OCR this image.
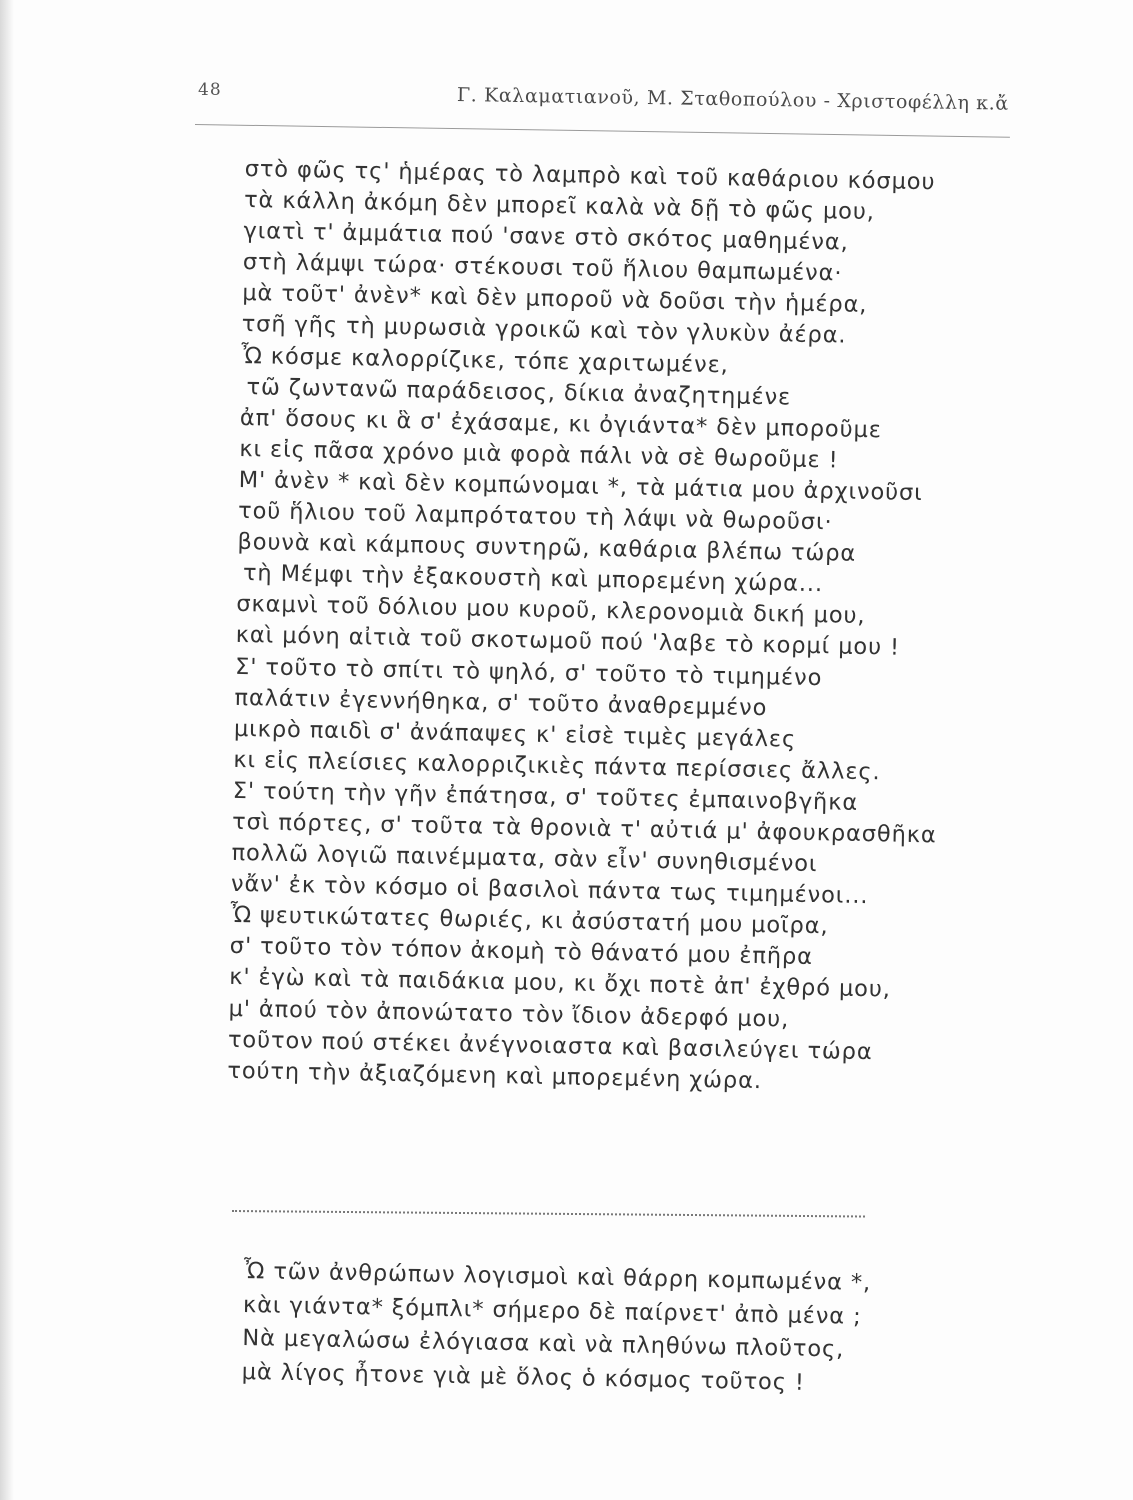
48	Γ. Καλαματιανοῦ, Μ. Σταθοπούλου - Χριστοφέλλη κ.ἄ
στὸ φῶς τς' ἡμέρας τὸ λαμπρὸ καὶ τοῦ καθάριου κόσμου
τὰ κάλλη ἀκόμη δὲν μπορεῖ καλὰ νὰ δῇ τὸ φῶς μου,
γιατὶ τ' ἀμμάτια πού 'σανε στὸ σκότος μαθημένα,
στὴ λάμψι τώρα· στέκουσι τοῦ ἥλιου θαμπωμένα·
μὰ τοῦτ' ἀνὲν* καὶ δὲν μποροῦ νὰ δοῦσι τὴν ἡμέρα,
τσῆ γῆς τὴ μυρωσιὰ γροικῶ καὶ τὸν γλυκὺν ἀέρα.
Ὦ κόσμε καλορρίζικε, τόπε χαριτωμένε,
τῶ ζωντανῶ παράδεισος, δίκια ἀναζητημένε
ἀπ' ὅσους κι ἃ σ' ἐχάσαμε, κι ὀγιάντα* δὲν μποροῦμε
κι εἰς πᾶσα χρόνο μιὰ φορὰ πάλι νὰ σὲ θωροῦμε !
Μ' ἀνὲν * καὶ δὲν κομπώνομαι *, τὰ μάτια μου ἀρχινοῦσι
τοῦ ἥλιου τοῦ λαμπρότατου τὴ λάψι νὰ θωροῦσι·
βουνὰ καὶ κάμπους συντηρῶ, καθάρια βλέπω τώρα
τὴ Μέμφι τὴν ἐξακουστὴ καὶ μπορεμένη χώρα...
σκαμνὶ τοῦ δόλιου μου κυροῦ, κλερονομιὰ δική μου,
καὶ μόνη αἰτιὰ τοῦ σκοτωμοῦ πού 'λαβε τὸ κορμί μου !
Σ' τοῦτο τὸ σπίτι τὸ ψηλό, σ' τοῦτο τὸ τιμημένο
παλάτιν ἐγεννήθηκα, σ' τοῦτο ἀναθρεμμένο
μικρὸ παιδὶ σ' ἀνάπαψες κ' εἰσὲ τιμὲς μεγάλες
κι εἰς πλείσιες καλορριζικιὲς πάντα περίσσιες ἄλλες.
Σ' τούτη τὴν γῆν ἐπάτησα, σ' τοῦτες ἐμπαινοβγῆκα
τσὶ πόρτες, σ' τοῦτα τὰ θρονιὰ τ' αὐτιά μ' ἀφουκρασθῆκα
πολλῶ λογιῶ παινέμματα, σὰν εἶν' συνηθισμένοι
νἄν' ἐκ τὸν κόσμο οἱ βασιλοὶ πάντα τως τιμημένοι...
Ὦ ψευτικώτατες θωριές, κι ἀσύστατή μου μοῖρα,
σ' τοῦτο τὸν τόπον ἀκομὴ τὸ θάνατό μου ἐπῆρα
κ' ἐγὼ καὶ τὰ παιδάκια μου, κι ὄχι ποτὲ ἀπ' ἐχθρό μου,
μ' ἀπού τὸν ἀπονώτατο τὸν ἴδιον ἀδερφό μου,
τοῦτον πού στέκει ἀνέγνοιαστα καὶ βασιλεύγει τώρα
τούτη τὴν ἀξιαζόμενη καὶ μπορεμένη χώρα.
Ὦ τῶν ἀνθρώπων λογισμοὶ καὶ θάρρη κομπωμένα *,
κὰι γιάντα* ξόμπλι* σήμερο δὲ παίρνετ' ἀπὸ μένα ;
Νὰ μεγαλώσω ἐλόγιασα καὶ νὰ πληθύνω πλοῦτος,
μὰ λίγος ἦτονε γιὰ μὲ ὅλος ὁ κόσμος τοῦτος !
